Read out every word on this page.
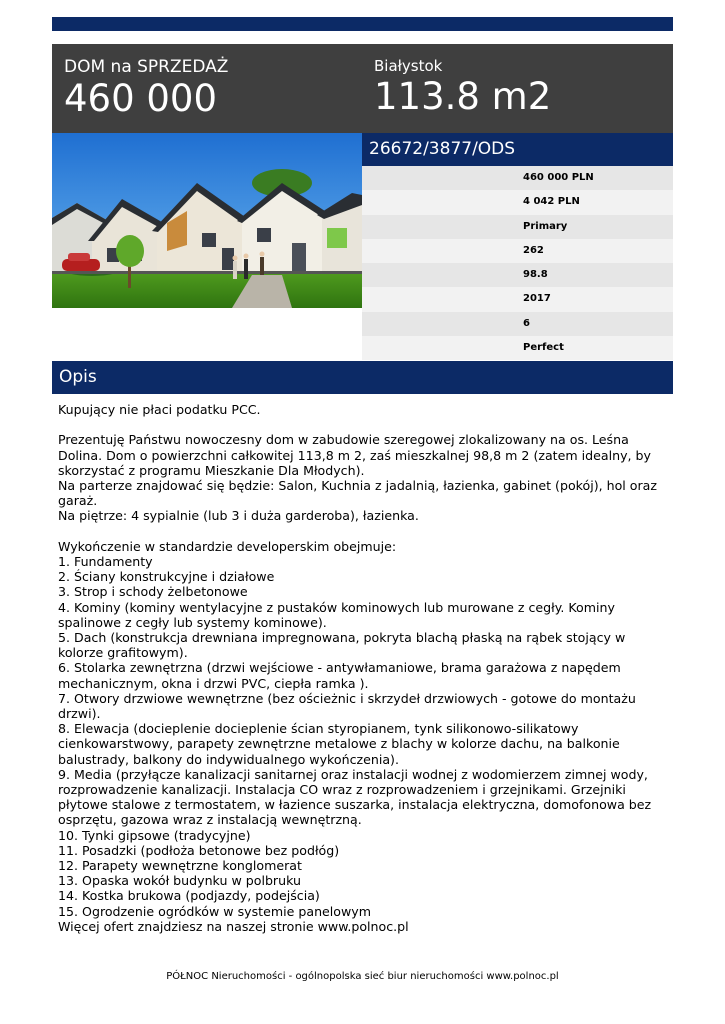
DOM na SPRZEDAŻ
460 000
Białystok
113.8 m2
26672/3877/ODS
460 000 PLN
4 042 PLN
Primary
262
98.8
2017
6
Perfect
Opis
Kupujący nie płaci podatku PCC.
Prezentuję Państwu nowoczesny dom w zabudowie szeregowej zlokalizowany na os. Leśna Dolina. Dom o powierzchni całkowitej 113,8 m 2, zaś mieszkalnej 98,8 m 2 (zatem idealny, by skorzystać z programu Mieszkanie Dla Młodych).
Na parterze znajdować się będzie: Salon, Kuchnia z jadalnią, łazienka, gabinet (pokój), hol oraz garaż.
Na piętrze: 4 sypialnie (lub 3 i duża garderoba), łazienka.
Wykończenie w standardzie developerskim obejmuje:
1. Fundamenty
2. Ściany konstrukcyjne i działowe
3. Strop i schody żelbetonowe
4. Kominy (kominy wentylacyjne z pustaków kominowych lub murowane z cegły. Kominy spalinowe z cegły lub systemy kominowe).
5. Dach (konstrukcja drewniana impregnowana, pokryta blachą płaską na rąbek stojący w kolorze grafitowym).
6. Stolarka zewnętrzna (drzwi wejściowe - antywłamaniowe, brama garażowa z napędem mechanicznym, okna i drzwi PVC, ciepła ramka ).
7. Otwory drzwiowe wewnętrzne (bez ościeżnic i skrzydeł drzwiowych - gotowe do montażu drzwi).
8. Elewacja (docieplenie docieplenie ścian styropianem, tynk silikonowo-silikatowy cienkowarstwowy, parapety zewnętrzne metalowe z blachy w kolorze dachu, na balkonie balustrady, balkony do indywidualnego wykończenia).
9. Media (przyłącze kanalizacji sanitarnej oraz instalacji wodnej z wodomierzem zimnej wody, rozprowadzenie kanalizacji. Instalacja CO wraz z rozprowadzeniem i grzejnikami. Grzejniki płytowe stalowe z termostatem, w łazience suszarka, instalacja elektryczna, domofonowa bez osprzętu, gazowa wraz z instalacją wewnętrzną.
10. Tynki gipsowe (tradycyjne)
11. Posadzki (podłoża betonowe bez podłóg)
12. Parapety wewnętrzne konglomerat
13. Opaska wokół budynku w polbruku
14. Kostka brukowa (podjazdy, podejścia)
15. Ogrodzenie ogródków w systemie panelowym
Więcej ofert znajdziesz na naszej stronie www.polnoc.pl
PÓŁNOC Nieruchomości - ogólnopolska sieć biur nieruchomości www.polnoc.pl
